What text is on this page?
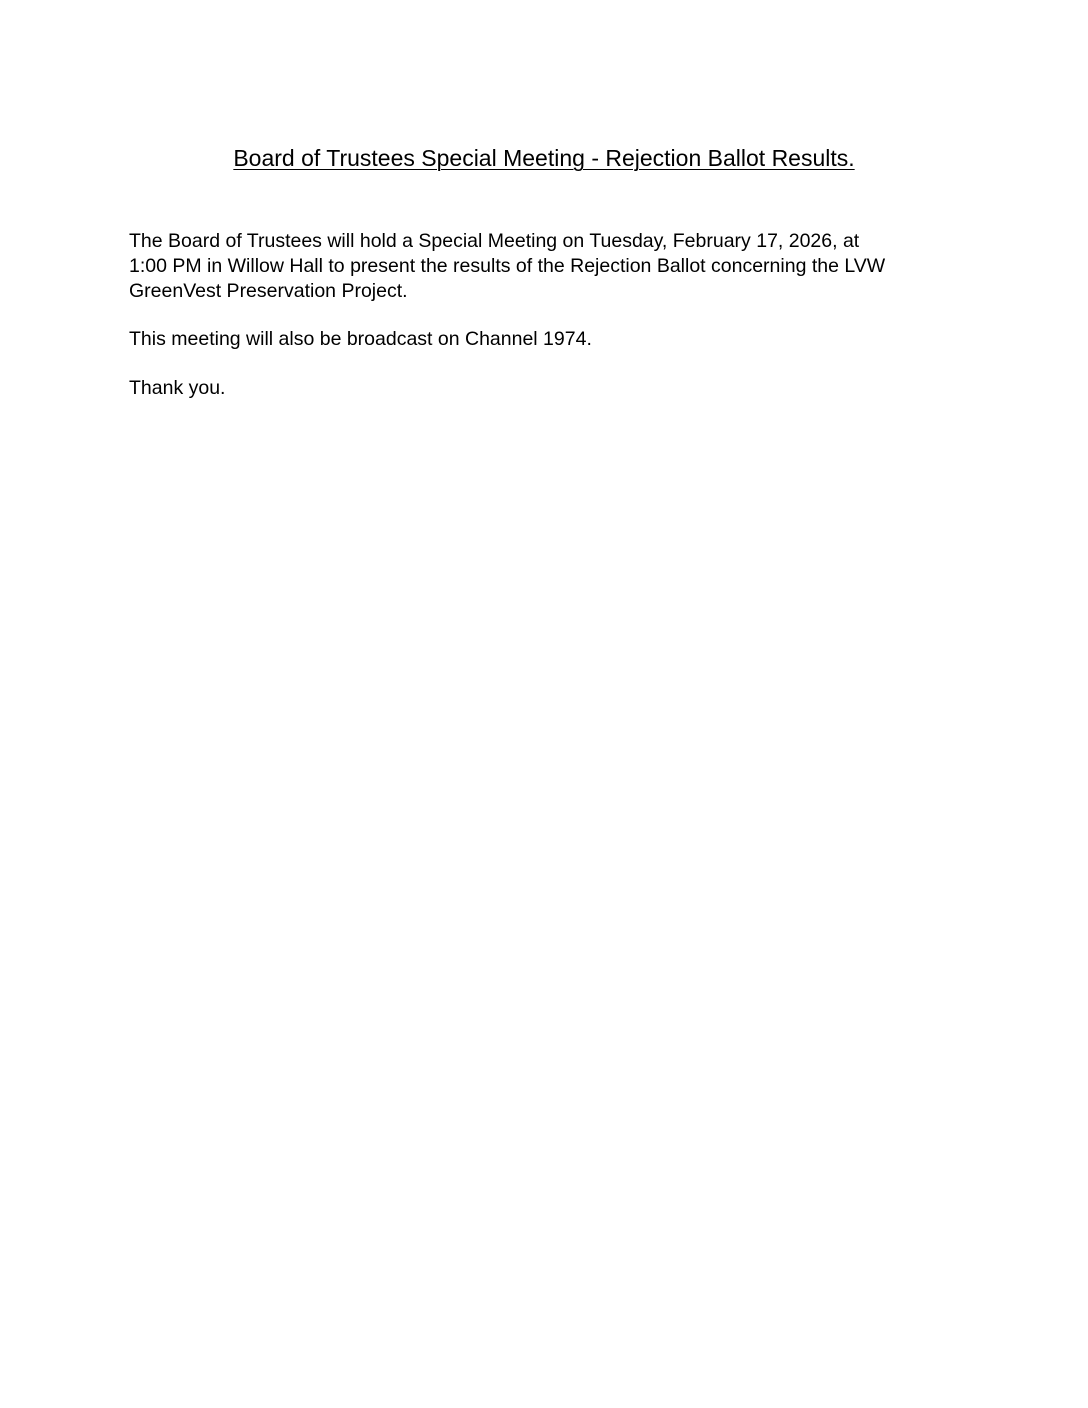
Board of Trustees Special Meeting - Rejection Ballot Results.

The Board of Trustees will hold a Special Meeting on Tuesday, February 17, 2026, at
1:00 PM in Willow Hall to present the results of the Rejection Ballot concerning the LVW
GreenVest Preservation Project.

This meeting will also be broadcast on Channel 1974.

Thank you.
